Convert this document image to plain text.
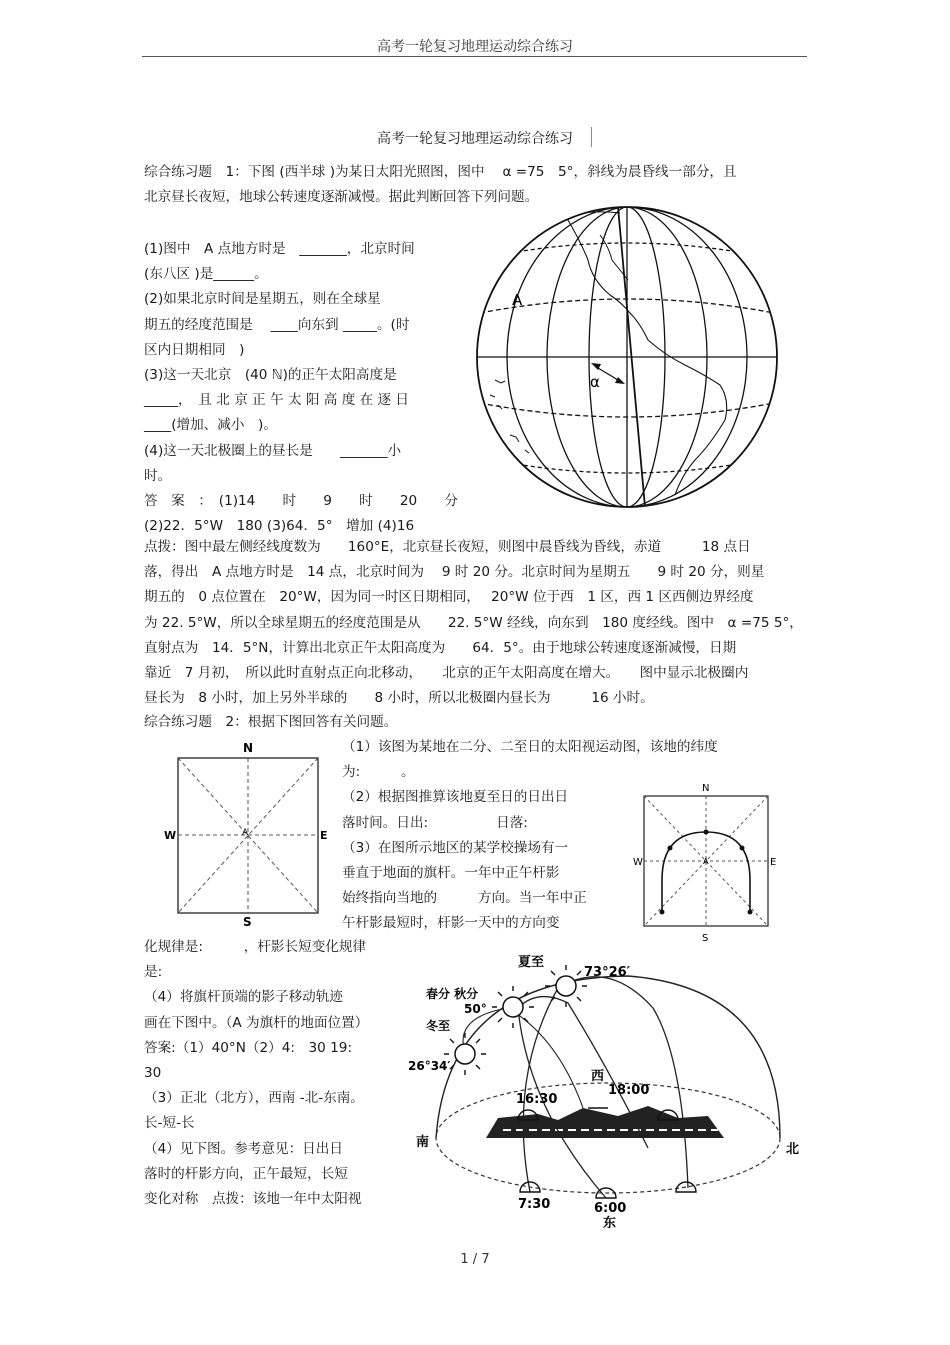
高考一轮复习地理运动综合练习
高考一轮复习地理运动综合练习
综合练习题　1：下图 (西半球 )为某日太阳光照图，图中　 α =75　5°，斜线为晨昏线一部分，且
北京昼长夜短，地球公转速度逐渐减慢。据此判断回答下列问题。
(1)图中　A 点地方时是　_______，北京时间
(东八区 )是______。
(2)如果北京时间是星期五，则在全球星
期五的经度范围是　 ____向东到 _____。(时
区内日期相同　)
(3)这一天北京　(40 ℕ)的正午太阳高度是
_____，　且 北 京 正 午 太 阳 高 度 在 逐 日
____(增加、减小　)。
(4)这一天北极圈上的昼长是　　_______小
时。
答　案　：　(1)14　　时　　9　　时　　20　　分
(2)22．5°W　180 (3)64．5°　增加 (4)16
A
α
点拨：图中最左侧经线度数为　　160°E，北京昼长夜短，则图中晨昏线为昏线，赤道　　　18 点日
落，得出　A 点地方时是　14 点，北京时间为　 9 时 20 分。北京时间为星期五　　9 时 20 分，则星
期五的　0 点位置在　20°W，因为同一时区日期相同，　 20°W 位于西　1 区，西 1 区西侧边界经度
为 22. 5°W，所以全球星期五的经度范围是从　　22. 5°W 经线，向东到　180 度经线。图中　α =75 5°，
直射点为　14．5°N，计算出北京正午太阳高度为　　64．5°。由于地球公转速度逐渐减慢，日期
靠近　7 月初，　所以此时直射点正向北移动，　　北京的正午太阳高度在增大。　　图中显示北极圈内
昼长为　8 小时，加上另外半球的　　8 小时，所以北极圈内昼长为　　　16 小时。
综合练习题　2：根据下图回答有关问题。
N
S
W	E
A
（1）该图为某地在二分、二至日的太阳视运动图，该地的纬度
为:　　　。
（2）根据图推算该地夏至日的日出日
落时间。日出:　　　　　日落:
（3）在图所示地区的某学校操场有一
垂直于地面的旗杆。一年中正午杆影
始终指向当地的　　　方向。当一年中正
午杆影最短时，杆影一天中的方向变
N
S
W	E
A
化规律是:　　　，杆影长短变化规律
是:
（4）将旗杆顶端的影子移动轨迹
画在下图中。（A 为旗杆的地面位置）
答案:（1）40°N（2）4:　30 19:
30
（3）正北（北方），西南 -北-东南。
长-短-长
（4）见下图。参考意见：日出日
落时的杆影方向，正午最短，长短
变化对称　点拨：该地一年中太阳视
夏至
73°26′
春分 秋分
50°
冬至
26°34′
西
16:30
18:00
南	北
7:30	6:00
东
1 / 7
